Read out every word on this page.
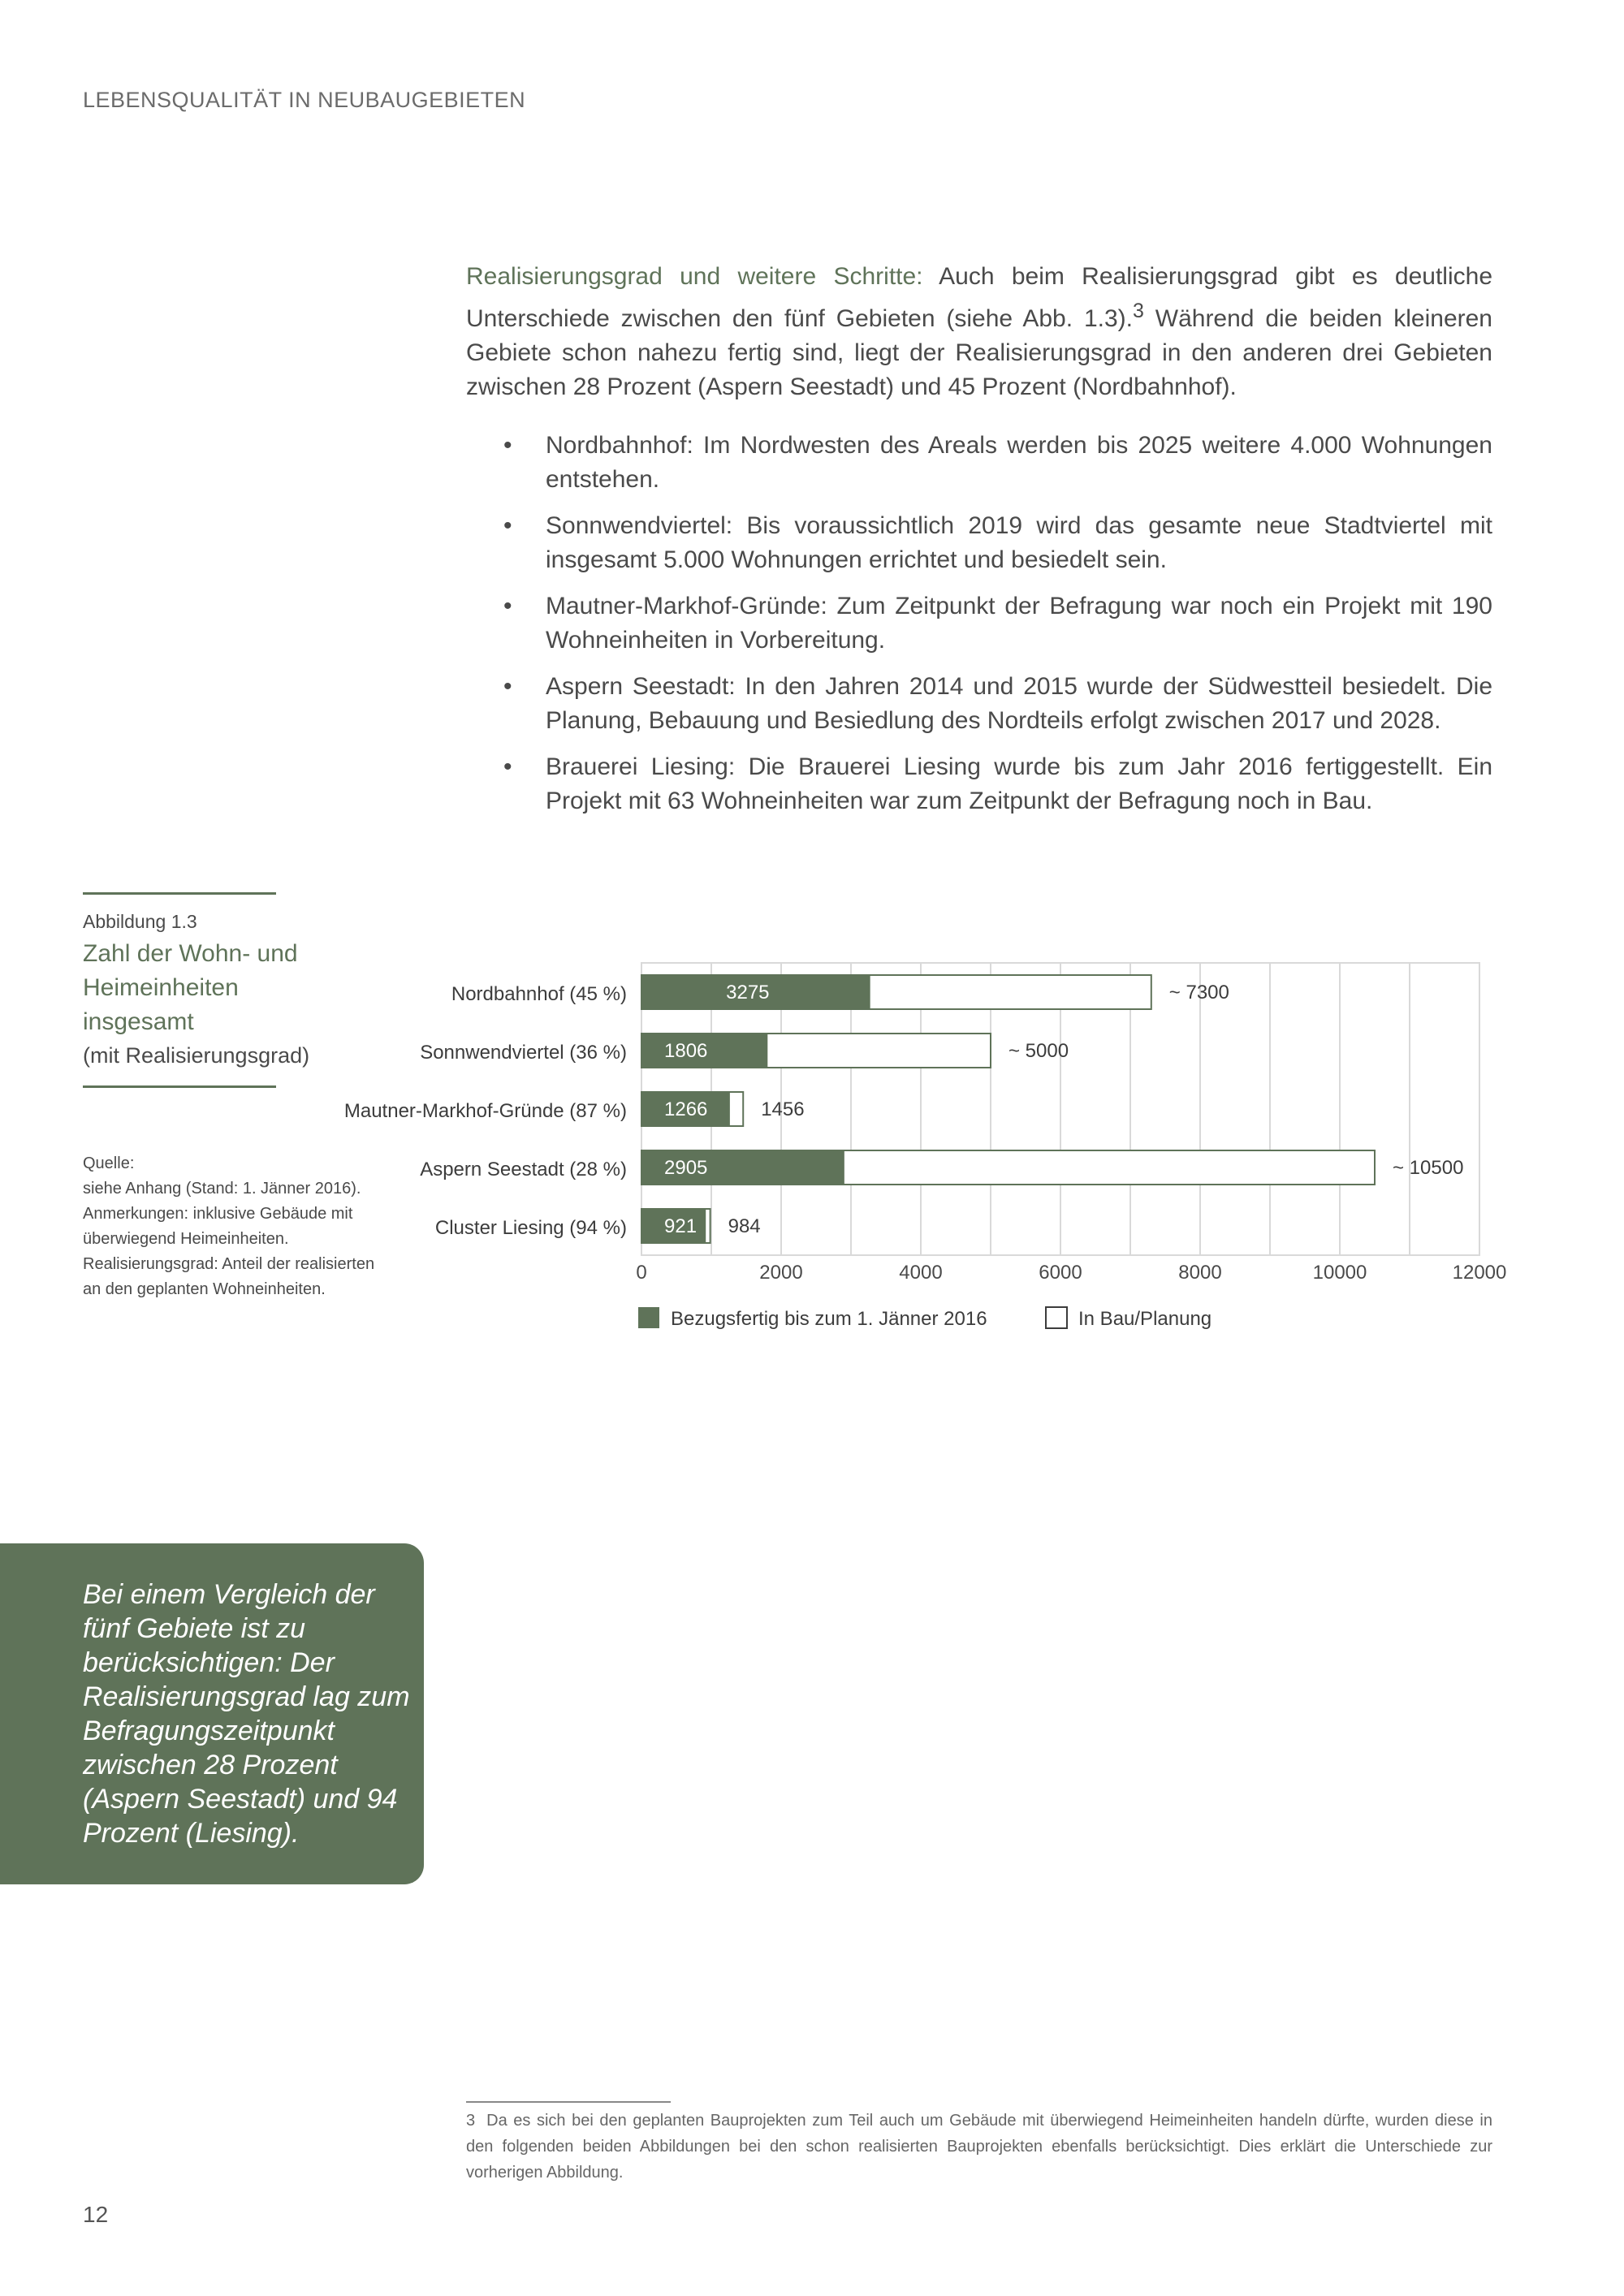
LEBENSQUALITÄT IN NEUBAUGEBIETEN

Realisierungsgrad und weitere Schritte: Auch beim Realisierungsgrad gibt es deutliche Unterschiede zwischen den fünf Gebieten (siehe Abb. 1.3).$^3$ Während die beiden kleineren Gebiete schon nahezu fertig sind, liegt der Realisierungsgrad in den anderen drei Gebieten zwischen 28 Prozent (Aspern Seestadt) und 45 Prozent (Nordbahnhof).

• Nordbahnhof: Im Nordwesten des Areals werden bis 2025 weitere 4.000 Wohnungen entstehen.
• Sonnwendviertel: Bis voraussichtlich 2019 wird das gesamte neue Stadtviertel mit insgesamt 5.000 Wohnungen errichtet und besiedelt sein.
• Mautner-Markhof-Gründe: Zum Zeitpunkt der Befragung war noch ein Projekt mit 190 Wohneinheiten in Vorbereitung.
• Aspern Seestadt: In den Jahren 2014 und 2015 wurde der Südwestteil besiedelt. Die Planung, Bebauung und Besiedlung des Nordteils erfolgt zwischen 2017 und 2028.
• Brauerei Liesing: Die Brauerei Liesing wurde bis zum Jahr 2016 fertiggestellt. Ein Projekt mit 63 Wohneinheiten war zum Zeitpunkt der Befragung noch in Bau.
Abbildung 1.3
Zahl der Wohn- und Heimeinheiten insgesamt
(mit Realisierungsgrad)
Quelle:
siehe Anhang (Stand: 1. Jänner 2016).
Anmerkungen: inklusive Gebäude mit
überwiegend Heimeinheiten.
Realisierungsgrad: Anteil der realisierten
an den geplanten Wohneinheiten.
0	2000	4000	6000	8000	10000	12000
Nordbahnhof (45 %)	3275	~ 7300
Sonnwendviertel (36 %) 1806	~ 5000
Mautner-Markhof-Gründe (87 %) 1266	1456
Aspern Seestadt (28 %) 2905	~ 10500
Cluster Liesing (94 %) 921 984
Bezugsfertig bis zum 1. Jänner 2016	In Bau/Planung
Bei einem Vergleich der fünf Gebiete ist zu berücksichtigen: Der Realisierungsgrad lag zum Befragungszeitpunkt zwischen 28 Prozent (Aspern Seestadt) und 94 Prozent (Liesing).

3 Da es sich bei den geplanten Bauprojekten zum Teil auch um Gebäude mit überwiegend Heimeinheiten handeln dürfte, wurden diese in den folgenden beiden Abbildungen bei den schon realisierten Bauprojekten ebenfalls berücksichtigt. Dies erklärt die Unterschiede zur vorherigen Abbildung.

12
